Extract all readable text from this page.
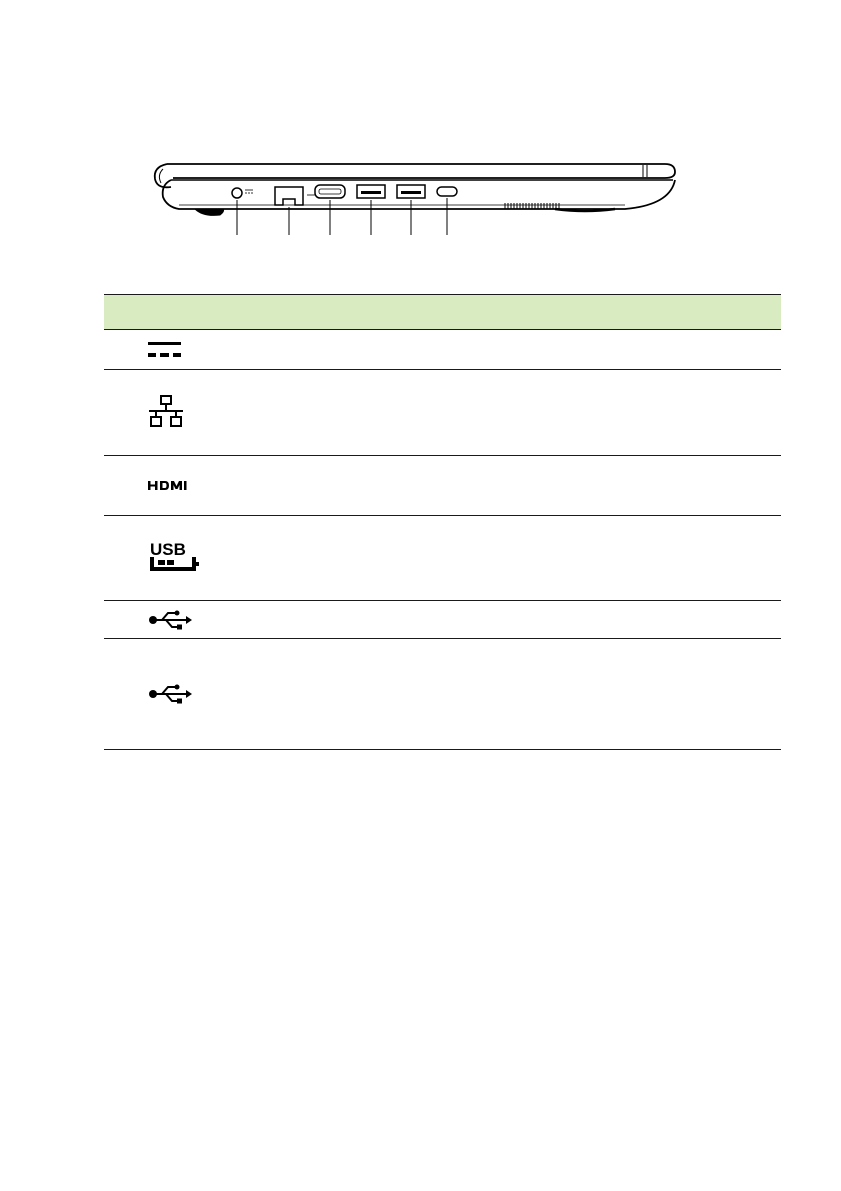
USB		
